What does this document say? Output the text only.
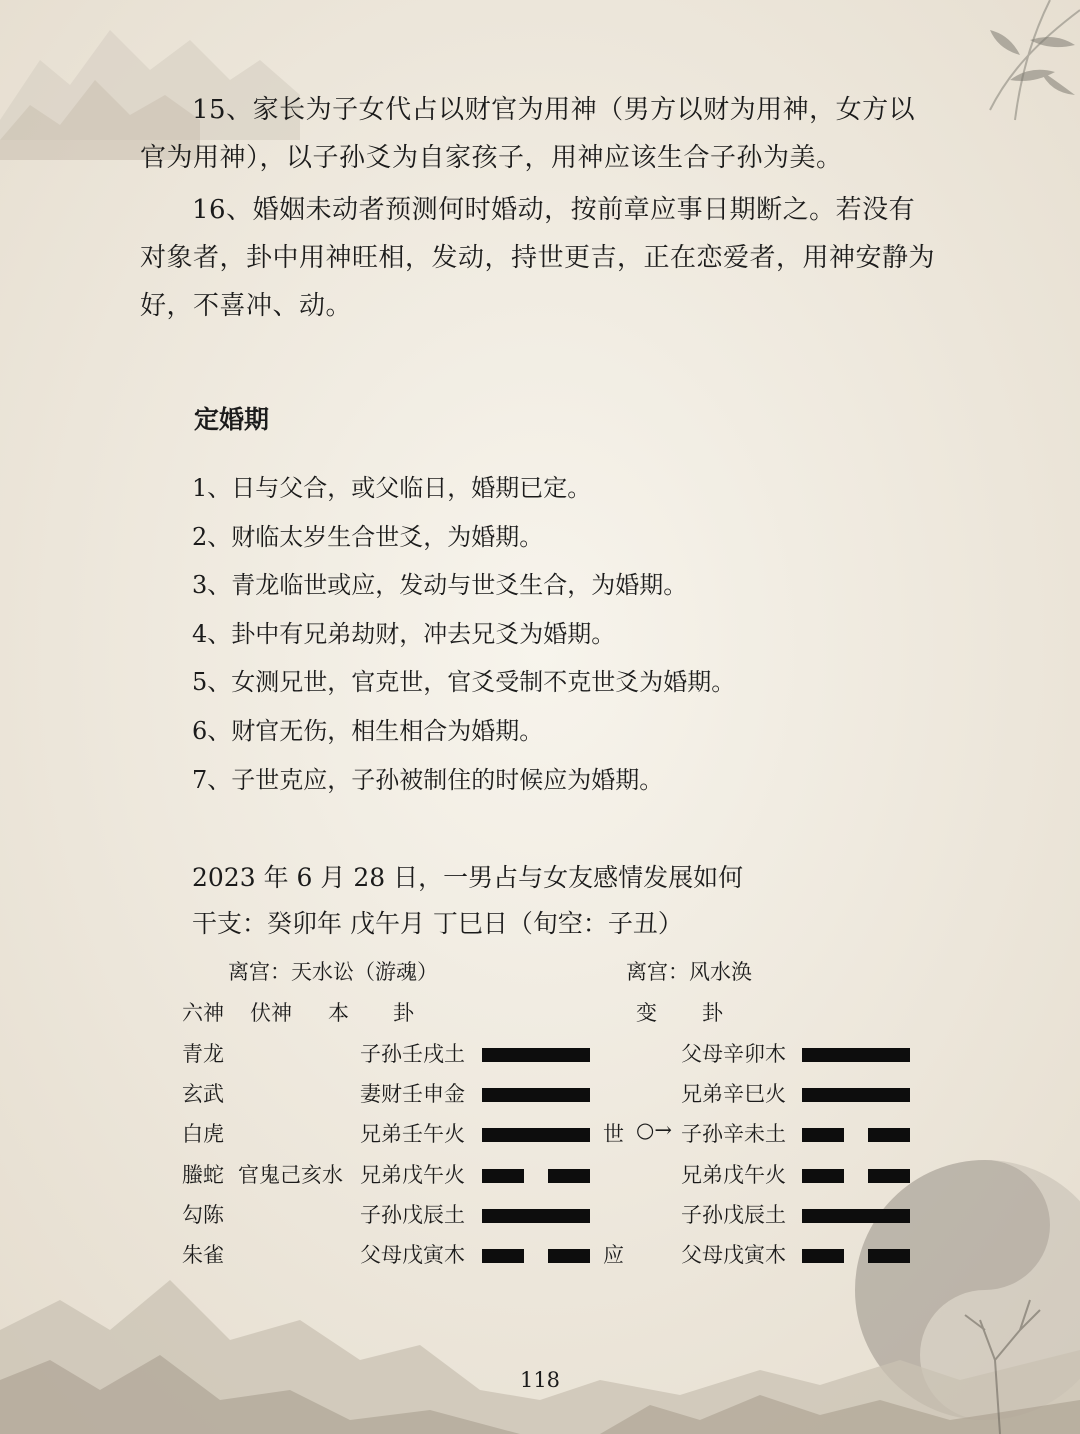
15、家长为子女代占以财官为用神（男方以财为用神，女方以官为用神），以子孙爻为自家孩子，用神应该生合子孙为美。

16、婚姻未动者预测何时婚动，按前章应事日期断之。若没有对象者，卦中用神旺相，发动，持世更吉，正在恋爱者，用神安静为好，不喜冲、动。

定婚期
1、日与父合，或父临日，婚期已定。
2、财临太岁生合世爻，为婚期。
3、青龙临世或应，发动与世爻生合，为婚期。
4、卦中有兄弟劫财，冲去兄爻为婚期。
5、女测兄世，官克世，官爻受制不克世爻为婚期。
6、财官无伤，相生相合为婚期。
7、子世克应，子孙被制住的时候应为婚期。

2023 年 6 月 28 日，一男占与女友感情发展如何

干支：癸卯年 戊午月 丁巳日（旬空：子丑）

离宫：天水讼（游魂）	离宫：风水涣
六神 伏神 本 卦	变 卦
青龙	子孙壬戌土	父母辛卯木
玄武	妻财壬申金	兄弟辛巳火
白虎	兄弟壬午火	世 ○→ 子孙辛未土
螣蛇 官鬼己亥水 兄弟戊午火	兄弟戊午火
勾陈	子孙戊辰土	子孙戊辰土
朱雀	父母戊寅木	应	父母戊寅木
118
